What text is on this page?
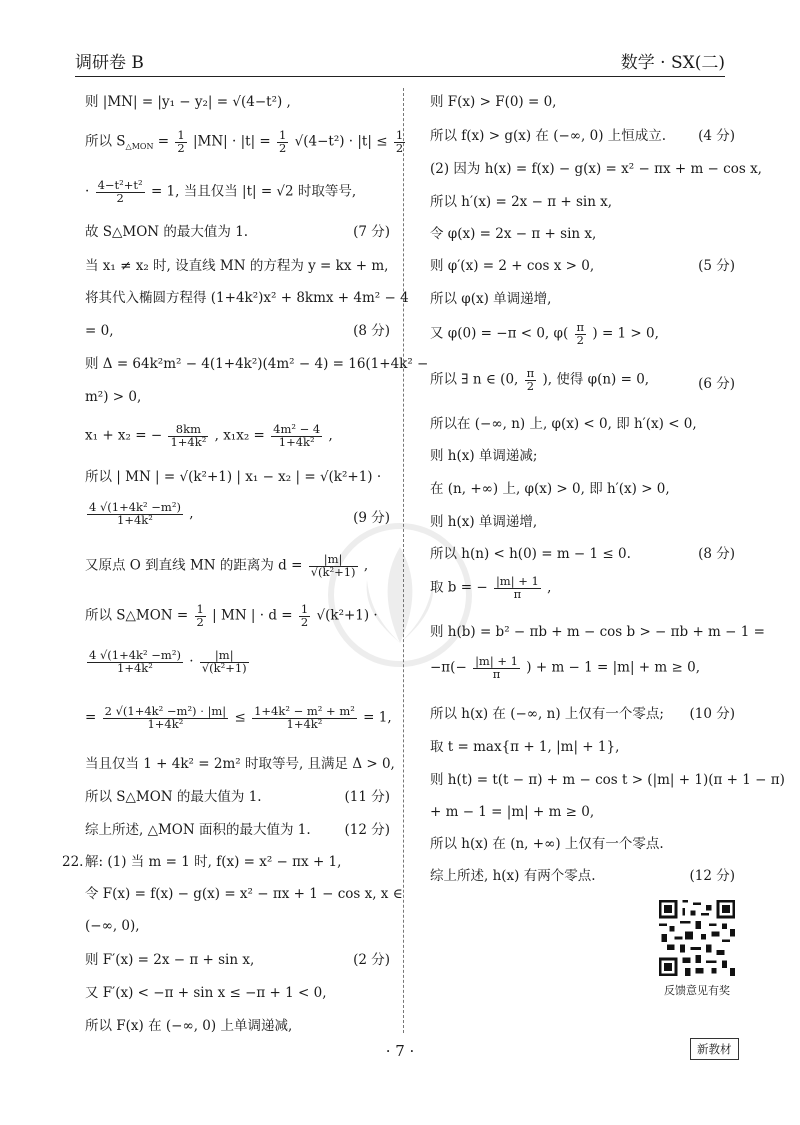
调研卷 B	数学 · SX(二)
则 |MN| = |y₁ − y₂| = √(4−t²) ,
所以 $S_{\triangle MON} = \frac{1}{2} |MN| \cdot |t| = \frac{1}{2} √(4-t^2) \cdot |t| \le \frac{1}{2}$
· $\frac{\text{4−t²+t²}}{2} = 1$, 当且仅当 |t| = √2 时取等号,
故 S△MON 的最大值为 1.	(7 分)
当 x₁ ≠ x₂ 时, 设直线 MN 的方程为 y = kx + m,
将其代入椭圆方程得 (1+4k²)x² + 8kmx + 4m² − 4
= 0,	(8 分)
则 Δ = 64k²m² − 4(1+4k²)(4m² − 4) = 16(1+4k² −
m²) > 0,
x₁ + x₂ = − $\frac{8km}{\text{1+4k²}}$ , $x_1x_2 = \frac{\text{4m² − 4}}{\text{1+4k²}}$ ,
所以 | MN | = √(k²+1) | x₁ − x₂ | = √(k²+1) ·
$\frac{\text{4 √(1+4k² −m²)}}{\text{1+4k²}}$ ,	(9 分)
又原点 O 到直线 MN 的距离为 $d = \frac{|m|}{\text{√(k²+1)}}$ ,
所以 S△MON = $\frac{1}{2}$ | MN | · $d = \frac{1}{2} √(k^2+1)$ ·
$\frac{\text{4 √(1+4k² −m²)}}{\text{1+4k²}} \cdot \frac{|m|}{\text{√(k²+1)}}$
= $\frac{\text{2 √(1+4k² −m²) · |m|}}{\text{1+4k²}} \le \frac{\text{1+4k² − m² + m²}}{\text{1+4k²}} = 1$,
当且仅当 1 + 4k² = 2m² 时取等号, 且满足 Δ > 0,
所以 S△MON 的最大值为 1.	(11 分)
综上所述, △MON 面积的最大值为 1.	(12 分)
22. 解: (1) 当 m = 1 时, f(x) = x² − πx + 1,
令 F(x) = f(x) − g(x) = x² − πx + 1 − cos x, x ∈
(−∞, 0),
则 F′(x) = 2x − π + sin x,	(2 分)
又 F′(x) < −π + sin x ≤ −π + 1 < 0,
所以 F(x) 在 (−∞, 0) 上单调递减,
则 F(x) > F(0) = 0,
所以 f(x) > g(x) 在 (−∞, 0) 上恒成立. (4 分)
(2) 因为 h(x) = f(x) − g(x) = x² − πx + m − cos x,
所以 h′(x) = 2x − π + sin x,
令 φ(x) = 2x − π + sin x,
则 φ′(x) = 2 + cos x > 0,	(5 分)
所以 φ(x) 单调递增,
又 φ(0) = −π < 0, $\varphi( \frac{\pi}{2}$ ) = 1 > 0,
所以 ∃ n ∈ (0, $\frac{\pi}{2}$ ), 使得 φ(n) = 0,	(6 分)
所以在 (−∞, n) 上, φ(x) < 0, 即 h′(x) < 0,
则 h(x) 单调递减;
在 (n, +∞) 上, φ(x) > 0, 即 h′(x) > 0,
则 h(x) 单调递增,
所以 h(n) < h(0) = m − 1 ≤ 0.	(8 分)
取 b = − $\frac{|m| + 1}{\pi}$ ,
则 h(b) = b² − πb + m − cos b > − πb + m − 1 =
$-\pi(- \frac{|m| + 1}{\pi}$ ) + m − 1 = |m| + m ≥ 0,
所以 h(x) 在 (−∞, n) 上仅有一个零点; (10 分)
取 t = max{π + 1, |m| + 1},
则 h(t) = t(t − π) + m − cos t > (|m| + 1)(π + 1 − π)
+ m − 1 = |m| + m ≥ 0,
所以 h(x) 在 (n, +∞) 上仅有一个零点.
综上所述, h(x) 有两个零点.	(12 分)
反馈意见有奖
· 7 ·	新教材
